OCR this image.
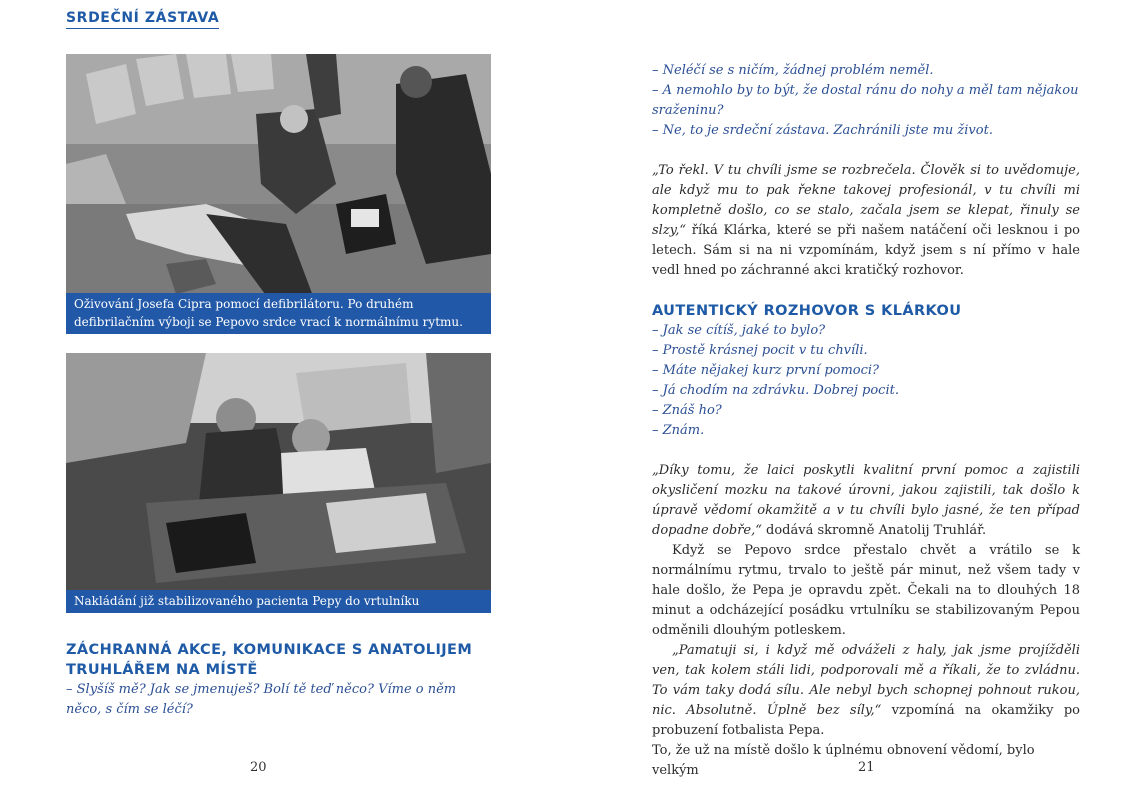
SRDEČNÍ ZÁSTAVA
Oživování Josefa Cipra pomocí defibrilátoru. Po druhém defibrilačním výboji se Pepovo srdce vrací k normálnímu rytmu.
Nakládání již stabilizovaného pacienta Pepy do vrtulníku
ZÁCHRANNÁ AKCE, KOMUNIKACE S ANATOLIJEM TRUHLÁŘEM NA MÍSTĚ
– Slyšíš mě? Jak se jmenuješ? Bolí tě teď něco? Víme o něm něco, s čím se léčí?
20

– Neléčí se s ničím, žádnej problém neměl.

– A nemohlo by to být, že dostal ránu do nohy a měl tam nějakou sraženinu?

– Ne, to je srdeční zástava. Zachránili jste mu život.

„To řekl. V tu chvíli jsme se rozbrečela. Člověk si to uvědomuje, ale když mu to pak řekne takovej profesionál, v tu chvíli mi kompletně došlo, co se stalo, začala jsem se klepat, řinuly se slzy,“ říká Klárka, které se při našem natáčení oči lesknou i po letech. Sám si na ni vzpomínám, když jsem s ní přímo v hale vedl hned po záchranné akci kratičký rozhovor.

AUTENTICKÝ ROZHOVOR S KLÁRKOU

– Jak se cítíš, jaké to bylo?

– Prostě krásnej pocit v tu chvíli.

– Máte nějakej kurz první pomoci?

– Já chodím na zdrávku. Dobrej pocit.

– Znáš ho?

– Znám.

„Díky tomu, že laici poskytli kvalitní první pomoc a zajistili okysličení mozku na takové úrovni, jakou zajistili, tak došlo k úpravě vědomí okamžitě a v tu chvíli bylo jasné, že ten případ dopadne dobře,“ dodává skromně Anatolij Truhlář.

Když se Pepovo srdce přestalo chvět a vrátilo se k normálnímu rytmu, trvalo to ještě pár minut, než všem tady v hale došlo, že Pepa je opravdu zpět. Čekali na to dlouhých 18 minut a odcházející posádku vrtulníku se stabilizovaným Pepou odměnili dlouhým potleskem.

„Pamatuji si, i když mě odváželi z haly, jak jsme projížděli ven, tak kolem stáli lidi, podporovali mě a říkali, že to zvládnu. To vám taky dodá sílu. Ale nebyl bych schopnej pohnout rukou, nic. Absolutně. Úplně bez síly,“ vzpomíná na okamžiky po probuzení fotbalista Pepa.

To, že už na místě došlo k úplnému obnovení vědomí, bylo velkým	21
